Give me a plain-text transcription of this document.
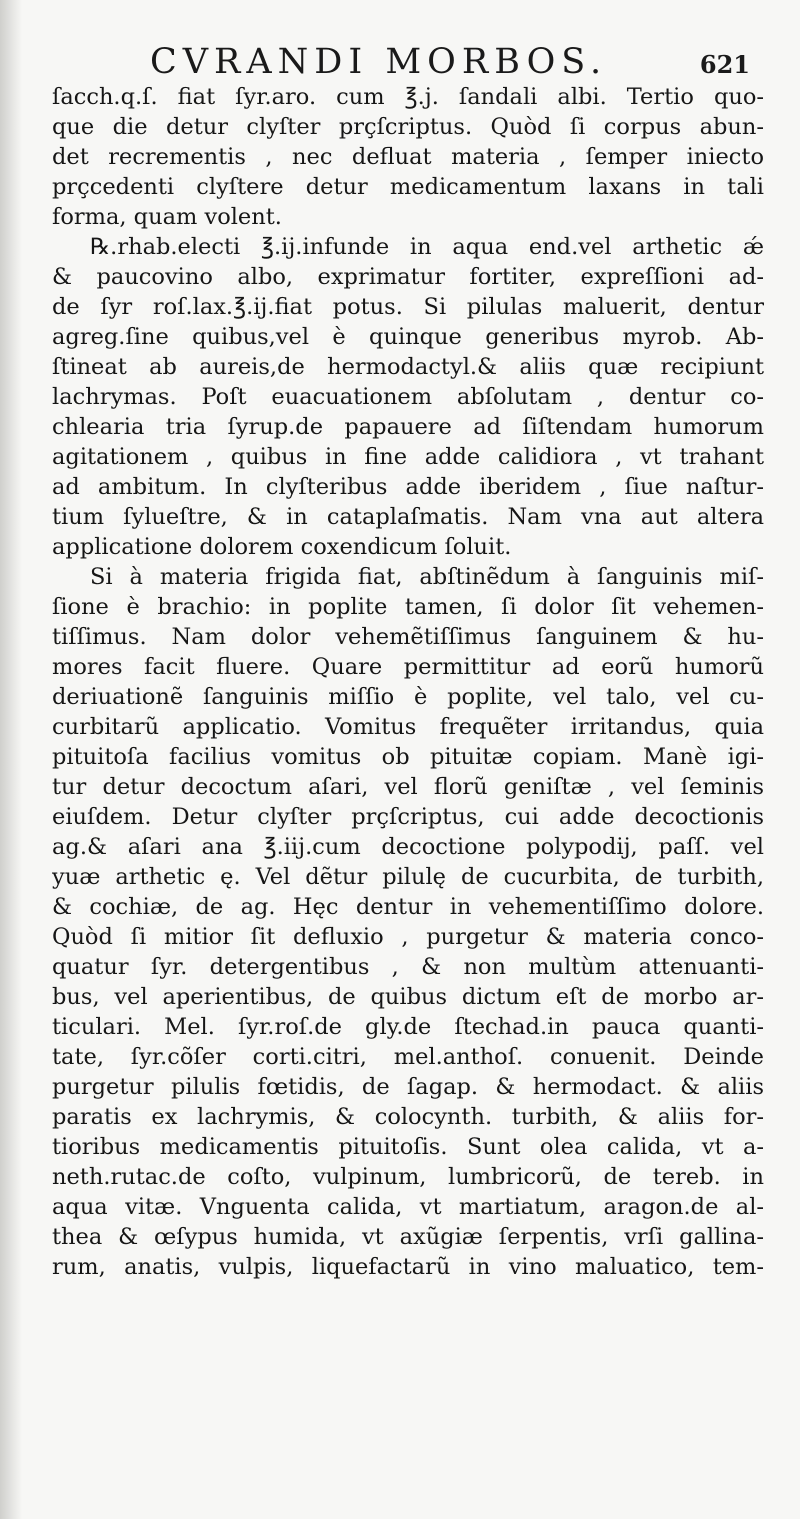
CVRANDI MORBOS.	621
ſacch.q.ſ. fiat ſyr.aro. cum ℥.j. ſandali albi. Tertio quo-
que die detur clyſter prçſcriptus. Quòd ſi corpus abun-
det recrementis , nec defluat materia , ſemper iniecto
prçcedenti clyſtere detur medicamentum laxans in tali
forma, quam volent.
℞.rhab.electi ℥.ij.infunde in aqua end.vel arthetic ǽ
& paucovino albo, exprimatur fortiter, expreſſioni ad-
de ſyr roſ.lax.℥.ij.fiat potus. Si pilulas maluerit, dentur
agreg.ſine quibus,vel è quinque generibus myrob. Ab-
ſtineat ab aureis,de hermodactyl.& aliis quæ recipiunt
lachrymas. Poſt euacuationem abſolutam , dentur co-
chlearia tria ſyrup.de papauere ad ſiſtendam humorum
agitationem , quibus in fine adde calidiora , vt trahant
ad ambitum. In clyſteribus adde iberidem , ſiue naſtur-
tium ſylueſtre, & in cataplaſmatis. Nam vna aut altera
applicatione dolorem coxendicum ſoluit.
Si à materia frigida fiat, abſtinẽdum à ſanguinis miſ-
ſione è brachio: in poplite tamen, ſi dolor ſit vehemen-
tiſſimus. Nam dolor vehemẽtiſſimus ſanguinem & hu-
mores facit fluere. Quare permittitur ad eorũ humorũ
deriuationẽ ſanguinis miſſio è poplite, vel talo, vel cu-
curbitarũ applicatio. Vomitus frequẽter irritandus, quia
pituitoſa facilius vomitus ob pituitæ copiam. Manè igi-
tur detur decoctum aſari, vel florũ geniſtæ , vel ſeminis
eiuſdem. Detur clyſter prçſcriptus, cui adde decoctionis
ag.& aſari ana ℥.iij.cum decoctione polypodij, paſſ. vel
yuæ arthetic ę. Vel dẽtur pilulę de cucurbita, de turbith,
& cochiæ, de ag. Hęc dentur in vehementiſſimo dolore.
Quòd ſi mitior ſit defluxio , purgetur & materia conco-
quatur ſyr. detergentibus , & non multùm attenuanti-
bus, vel aperientibus, de quibus dictum eſt de morbo ar-
ticulari. Mel. ſyr.roſ.de gly.de ſtechad.in pauca quanti-
tate, ſyr.cõſer corti.citri, mel.anthoſ. conuenit. Deinde
purgetur pilulis fœtidis, de ſagap. & hermodact. & aliis
paratis ex lachrymis, & colocynth. turbith, & aliis for-
tioribus medicamentis pituitoſis. Sunt olea calida, vt a-
neth.rutac.de coſto, vulpinum, lumbricorũ, de tereb. in
aqua vitæ. Vnguenta calida, vt martiatum, aragon.de al-
thea & œſypus humida, vt axũgiæ ſerpentis, vrſi gallina-
rum, anatis, vulpis, liquefactarũ in vino maluatico, tem-
